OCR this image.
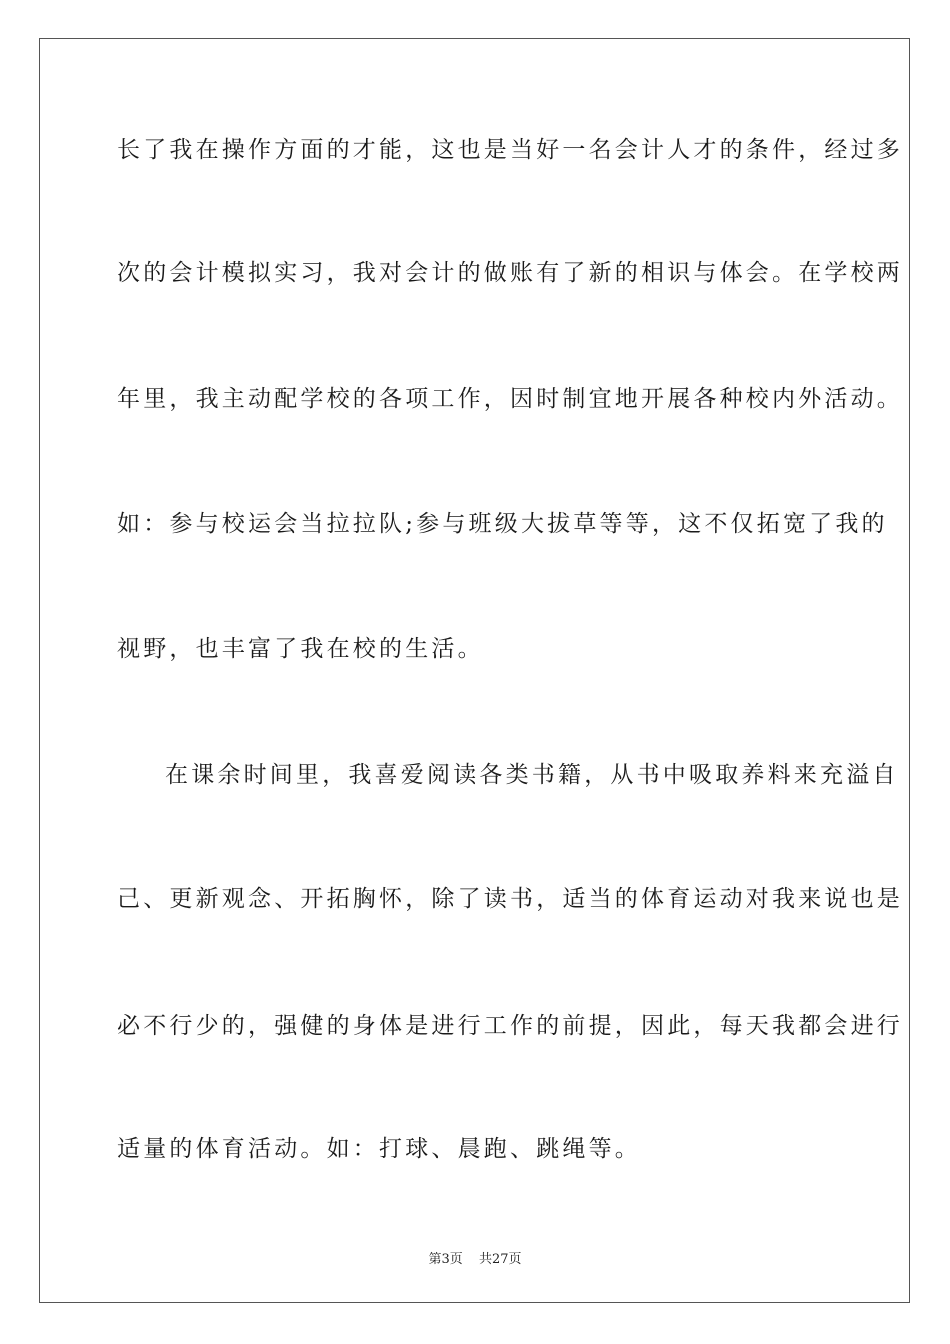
长了我在操作方面的才能，这也是当好一名会计人才的条件，经过多
次的会计模拟实习，我对会计的做账有了新的相识与体会。在学校两
年里，我主动配学校的各项工作，因时制宜地开展各种校内外活动。
如：参与校运会当拉拉队;参与班级大拔草等等，这不仅拓宽了我的
视野，也丰富了我在校的生活。
在课余时间里，我喜爱阅读各类书籍，从书中吸取养料来充溢自
己、更新观念、开拓胸怀，除了读书，适当的体育运动对我来说也是
必不行少的，强健的身体是进行工作的前提，因此，每天我都会进行
适量的体育活动。如：打球、晨跑、跳绳等。
第3页 共27页
